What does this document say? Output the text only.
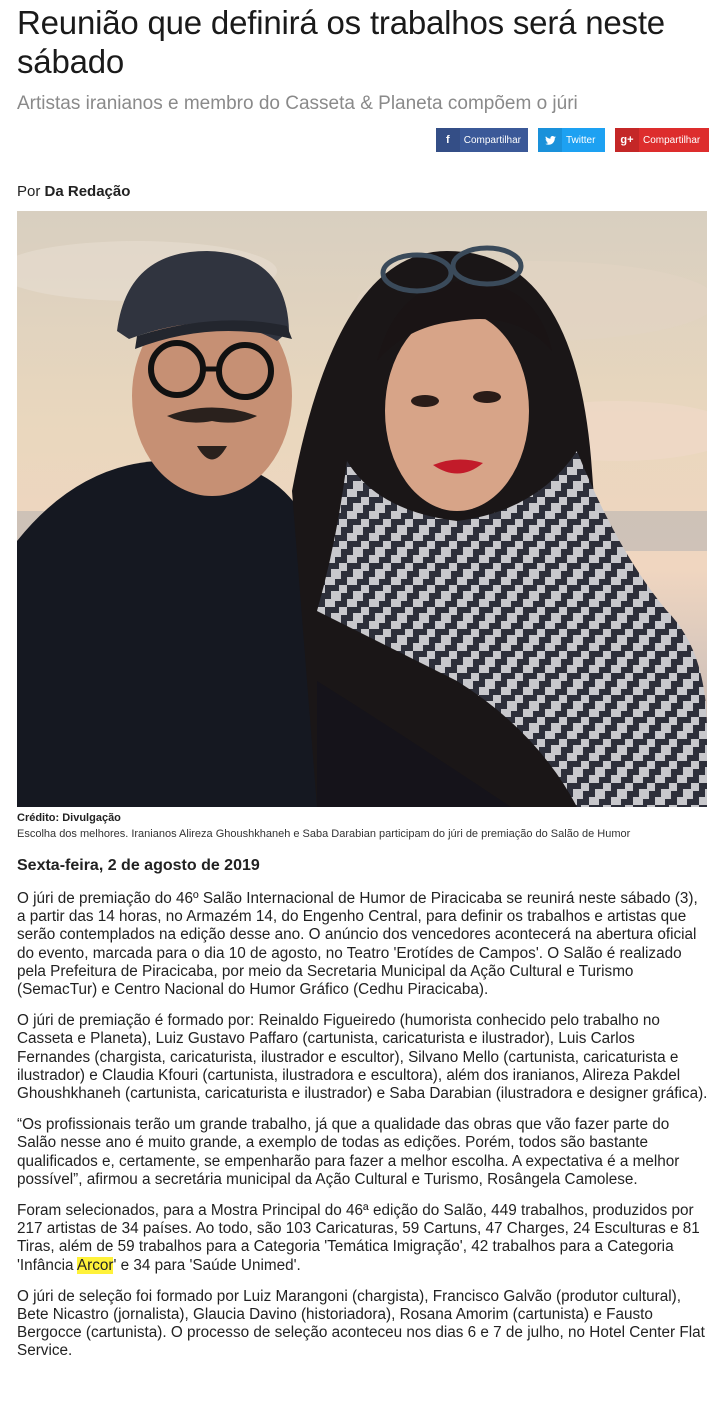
Reunião que definirá os trabalhos será neste sábado
Artistas iranianos e membro do Casseta & Planeta compõem o júri
f	Compartilhar	Twitter	g+ Compartilhar
Por Da Redação
Crédito: Divulgação
Escolha dos melhores. Iranianos Alireza Ghoushkhaneh e Saba Darabian participam do júri de premiação do Salão de Humor
Sexta-feira, 2 de agosto de 2019

O júri de premiação do 46º Salão Internacional de Humor de Piracicaba se reunirá neste sábado (3), a partir das 14 horas, no Armazém 14, do Engenho Central, para definir os trabalhos e artistas que serão contemplados na edição desse ano. O anúncio dos vencedores acontecerá na abertura oficial do evento, marcada para o dia 10 de agosto, no Teatro 'Erotídes de Campos'. O Salão é realizado pela Prefeitura de Piracicaba, por meio da Secretaria Municipal da Ação Cultural e Turismo (SemacTur) e Centro Nacional do Humor Gráfico (Cedhu Piracicaba).

O júri de premiação é formado por: Reinaldo Figueiredo (humorista conhecido pelo trabalho no Casseta e Planeta), Luiz Gustavo Paffaro (cartunista, caricaturista e ilustrador), Luis Carlos Fernandes (chargista, caricaturista, ilustrador e escultor), Silvano Mello (cartunista, caricaturista e ilustrador) e Claudia Kfouri (cartunista, ilustradora e escultora), além dos iranianos, Alireza Pakdel Ghoushkhaneh (cartunista, caricaturista e ilustrador) e Saba Darabian (ilustradora e designer gráfica).

“Os profissionais terão um grande trabalho, já que a qualidade das obras que vão fazer parte do Salão nesse ano é muito grande, a exemplo de todas as edições. Porém, todos são bastante qualificados e, certamente, se empenharão para fazer a melhor escolha. A expectativa é a melhor possível”, afirmou a secretária municipal da Ação Cultural e Turismo, Rosângela Camolese.

Foram selecionados, para a Mostra Principal do 46ª edição do Salão, 449 trabalhos, produzidos por 217 artistas de 34 países. Ao todo, são 103 Caricaturas, 59 Cartuns, 47 Charges, 24 Esculturas e 81 Tiras, além de 59 trabalhos para a Categoria 'Temática Imigração', 42 trabalhos para a Categoria 'Infância Arcor' e 34 para 'Saúde Unimed'.

O júri de seleção foi formado por Luiz Marangoni (chargista), Francisco Galvão (produtor cultural), Bete Nicastro (jornalista), Glaucia Davino (historiadora), Rosana Amorim (cartunista) e Fausto Bergocce (cartunista). O processo de seleção aconteceu nos dias 6 e 7 de julho, no Hotel Center Flat Service.
